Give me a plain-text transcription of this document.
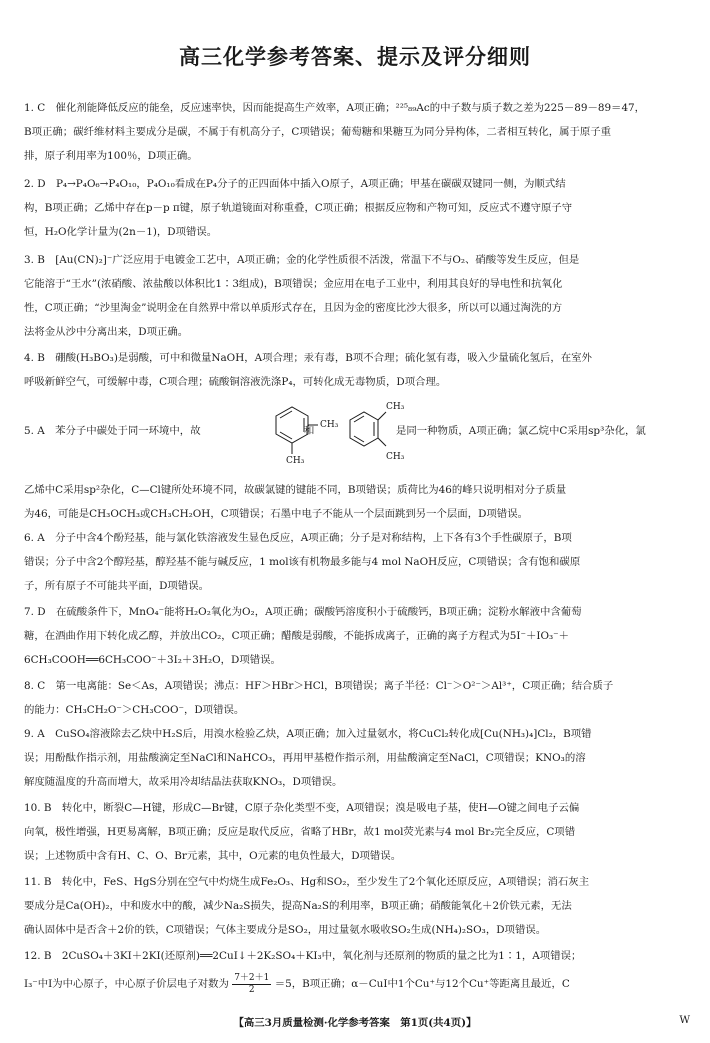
高三化学参考答案、提示及评分细则
1. C　催化剂能降低反应的能垒，反应速率快，因而能提高生产效率，A项正确；²²⁵₈₉Ac的中子数与质子数之差为225－89－89＝47，
B项正确；碳纤维材料主要成分是碳，不属于有机高分子，C项错误；葡萄糖和果糖互为同分异构体，二者相互转化，属于原子重
排，原子利用率为100％，D项正确。
2. D　P₄→P₄O₆→P₄O₁₀，P₄O₁₀看成在P₄分子的正四面体中插入O原子，A项正确；甲基在碳碳双键同一侧，为顺式结
构，B项正确；乙烯中存在p－p π键，原子轨道镜面对称重叠，C项正确；根据反应物和产物可知，反应式不遵守原子守
恒，H₂O化学计量为(2n－1)，D项错误。
3. B　[Au(CN)₂]⁻广泛应用于电镀金工艺中，A项正确；金的化学性质很不活泼，常温下不与O₂、硝酸等发生反应，但是
它能溶于“王水”(浓硝酸、浓盐酸以体积比1∶3组成)，B项错误；金应用在电子工业中，利用其良好的导电性和抗氧化
性，C项正确；“沙里淘金”说明金在自然界中常以单质形式存在，且因为金的密度比沙大很多，所以可以通过淘洗的方
法将金从沙中分离出来，D项正确。
4. B　硼酸(H₃BO₃)是弱酸，可中和微量NaOH，A项合理；汞有毒，B项不合理；硫化氢有毒，吸入少量硫化氢后，在室外
呼吸新鲜空气，可缓解中毒，C项合理；硫酸铜溶液洗涤P₄，可转化成无毒物质，D项合理。
5. A　苯分子中碳处于同一环境中，故	CH₃
CH₃
和
CH₃
CH₃
是同一种物质，A项正确；氯乙烷中C采用sp³杂化，氯
乙烯中C采用sp²杂化，C—Cl键所处环境不同，故碳氯键的键能不同，B项错误；质荷比为46的峰只说明相对分子质量
为46，可能是CH₃OCH₃或CH₃CH₂OH，C项错误；石墨中电子不能从一个层面跳到另一个层面，D项错误。
6. A　分子中含4个酚羟基，能与氯化铁溶液发生显色反应，A项正确；分子是对称结构，上下各有3个手性碳原子，B项
错误；分子中含2个醇羟基，醇羟基不能与碱反应，1 mol该有机物最多能与4 mol NaOH反应，C项错误；含有饱和碳原
子，所有原子不可能共平面，D项错误。
7. D　在硫酸条件下，MnO₄⁻能将H₂O₂氧化为O₂，A项正确；碳酸钙溶度积小于硫酸钙，B项正确；淀粉水解液中含葡萄
糖，在酒曲作用下转化成乙醇，并放出CO₂，C项正确；醋酸是弱酸，不能拆成离子，正确的离子方程式为5I⁻＋IO₃⁻＋
6CH₃COOH══6CH₃COO⁻＋3I₂＋3H₂O，D项错误。
8. C　第一电离能：Se＜As，A项错误；沸点：HF＞HBr＞HCl，B项错误；离子半径：Cl⁻＞O²⁻＞Al³⁺，C项正确；结合质子
的能力：CH₃CH₂O⁻＞CH₃COO⁻，D项错误。
9. A　CuSO₄溶液除去乙炔中H₂S后，用溴水检验乙炔，A项正确；加入过量氨水，将CuCl₂转化成[Cu(NH₃)₄]Cl₂，B项错
误；用酚酞作指示剂，用盐酸滴定至NaCl和NaHCO₃，再用甲基橙作指示剂，用盐酸滴定至NaCl，C项错误；KNO₃的溶
解度随温度的升高而增大，故采用冷却结晶法获取KNO₃，D项错误。
10. B　转化中，断裂C—H键，形成C—Br键，C原子杂化类型不变，A项错误；溴是吸电子基，使H—O键之间电子云偏
向氧，极性增强，H更易离解，B项正确；反应是取代反应，省略了HBr，故1 mol荧光素与4 mol Br₂完全反应，C项错
误；上述物质中含有H、C、O、Br元素，其中，O元素的电负性最大，D项错误。
11. B　转化中，FeS、HgS分别在空气中灼烧生成Fe₂O₃、Hg和SO₂，至少发生了2个氧化还原反应，A项错误；消石灰主
要成分是Ca(OH)₂，中和废水中的酸，减少Na₂S损失，提高Na₂S的利用率，B项正确；硝酸能氧化＋2价铁元素，无法
确认固体中是否含＋2价的铁，C项错误；气体主要成分是SO₂，用过量氨水吸收SO₂生成(NH₄)₂SO₃，D项错误。
12. B　2CuSO₄＋3KI＋2KI(还原剂)══2CuI↓＋2K₂SO₄＋KI₃中，氧化剂与还原剂的物质的量之比为1∶1，A项错误；
I₃⁻中I为中心原子，中心原子价层电子对数为 $\frac{7+2+1}{2} =5$，B项正确；α－CuI中1个Cu⁺与12个Cu⁺等距离且最近，C
【高三3月质量检测·化学参考答案　第1页(共4页)】	W
